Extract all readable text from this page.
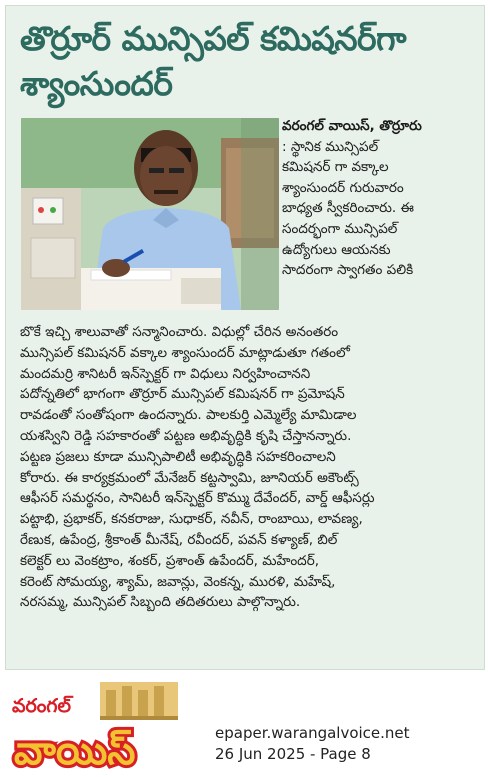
తొర్రూర్ మున్సిపల్ కమిషనర్‌గా
శ్యాంసుందర్
వరంగల్ వాయిస్, తొర్రూరు
: స్థానిక మున్సిపల్
కమిషనర్ గా వక్కాల
శ్యాంసుందర్ గురువారం
బాధ్యత స్వీకరించారు. ఈ
సందర్భంగా మున్సిపల్
ఉద్యోగులు ఆయనకు
సాదరంగా స్వాగతం పలికి

బొకే ఇచ్చి శాలువాతో సన్మానించారు. విధుల్లో చేరిన అనంతరం

మున్సిపల్ కమిషనర్ వక్కాల శ్యాంసుందర్ మాట్లాడుతూ గతంలో

మందమర్రి శానిటరీ ఇన్‌స్పెక్టర్ గా విధులు నిర్వహించానని

పదోన్నతిలో భాగంగా తొర్రూర్ మున్సిపల్ కమిషనర్ గా ప్రమోషన్

రావడంతో సంతోషంగా ఉందన్నారు. పాలకుర్తి ఎమ్మెల్యే మామిడాల

యశస్విని రెడ్డి సహకారంతో పట్టణ అభివృద్ధికి కృషి చేస్తానన్నారు.

పట్టణ ప్రజలు కూడా మున్సిపాలిటీ అభివృద్ధికి సహకరించాలని

కోరారు. ఈ కార్యక్రమంలో మేనేజర్ కట్టస్వామి, జూనియర్ అకౌంట్స్

ఆఫీసర్ సమర్థనం, సానిటరీ ఇన్‌స్పెక్టర్ కొమ్ము దేవేందర్, వార్డ్ ఆఫీసర్లు

పట్టాభి, ప్రభాకర్, కనకరాజు, సుధాకర్, నవీన్, రాంబాయి, లావణ్య,

రేణుక, ఉపేంద్ర, శ్రీకాంత్ మీనేష్, రవీందర్, పవన్ కళ్యాణ్, బిల్

కలెక్టర్ లు వెంకట్రాం, శంకర్, ప్రశాంత్ ఉపేందర్, మహేందర్,

కరెంట్ సోమయ్య, శ్యామ్, జవాన్లు, వెంకన్న, మురళి, మహేష్,

నరసమ్మ, మున్సిపల్ సిబ్బంది తదితరులు పాల్గొన్నారు.

వరంగల్
వాయిస్	epaper.warangalvoice.net
26 Jun 2025 - Page 8
